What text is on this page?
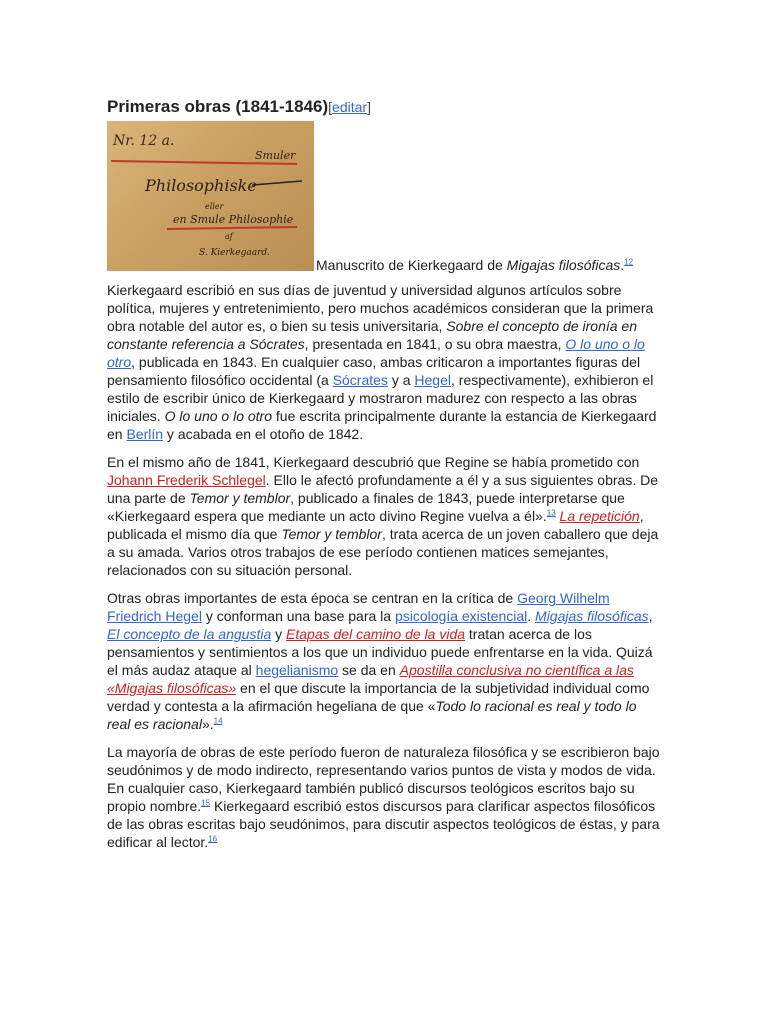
Primeras obras (1841-1846)[editar]
Nr. 12 a.
Smuler
Philosophiske
eller
en Smule Philosophie
af
S. Kierkegaard.
Manuscrito de Kierkegaard de Migajas filosóficas.$^{12}$

Kierkegaard escribió en sus días de juventud y universidad algunos artículos sobre política, mujeres y entretenimiento, pero muchos académicos consideran que la primera obra notable del autor es, o bien su tesis universitaria, Sobre el concepto de ironía en constante referencia a Sócrates, presentada en 1841, o su obra maestra, O lo uno o lo otro, publicada en 1843. En cualquier caso, ambas criticaron a importantes figuras del pensamiento filosófico occidental (a Sócrates y a Hegel, respectivamente), exhibieron el estilo de escribir único de Kierkegaard y mostraron madurez con respecto a las obras iniciales. O lo uno o lo otro fue escrita principalmente durante la estancia de Kierkegaard en Berlín y acabada en el otoño de 1842.

En el mismo año de 1841, Kierkegaard descubrió que Regine se había prometido con Johann Frederik Schlegel. Ello le afectó profundamente a él y a sus siguientes obras. De una parte de Temor y temblor, publicado a finales de 1843, puede interpretarse que «Kierkegaard espera que mediante un acto divino Regine vuelva a él».$^{13}$ La repetición, publicada el mismo día que Temor y temblor, trata acerca de un joven caballero que deja a su amada. Varios otros trabajos de ese período contienen matices semejantes, relacionados con su situación personal.

Otras obras importantes de esta época se centran en la crítica de Georg Wilhelm Friedrich Hegel y conforman una base para la psicología existencial. Migajas filosóficas, El concepto de la angustia y Etapas del camino de la vida tratan acerca de los pensamientos y sentimientos a los que un individuo puede enfrentarse en la vida. Quizá el más audaz ataque al hegelianismo se da en Apostilla conclusiva no científica a las «Migajas filosóficas» en el que discute la importancia de la subjetividad individual como verdad y contesta a la afirmación hegeliana de que «Todo lo racional es real y todo lo real es racional».$^{14}$

La mayoría de obras de este período fueron de naturaleza filosófica y se escribieron bajo seudónimos y de modo indirecto, representando varios puntos de vista y modos de vida. En cualquier caso, Kierkegaard también publicó discursos teológicos escritos bajo su propio nombre.$^{15}$ Kierkegaard escribió estos discursos para clarificar aspectos filosóficos de las obras escritas bajo seudónimos, para discutir aspectos teológicos de éstas, y para edificar al lector.$^{16}$
